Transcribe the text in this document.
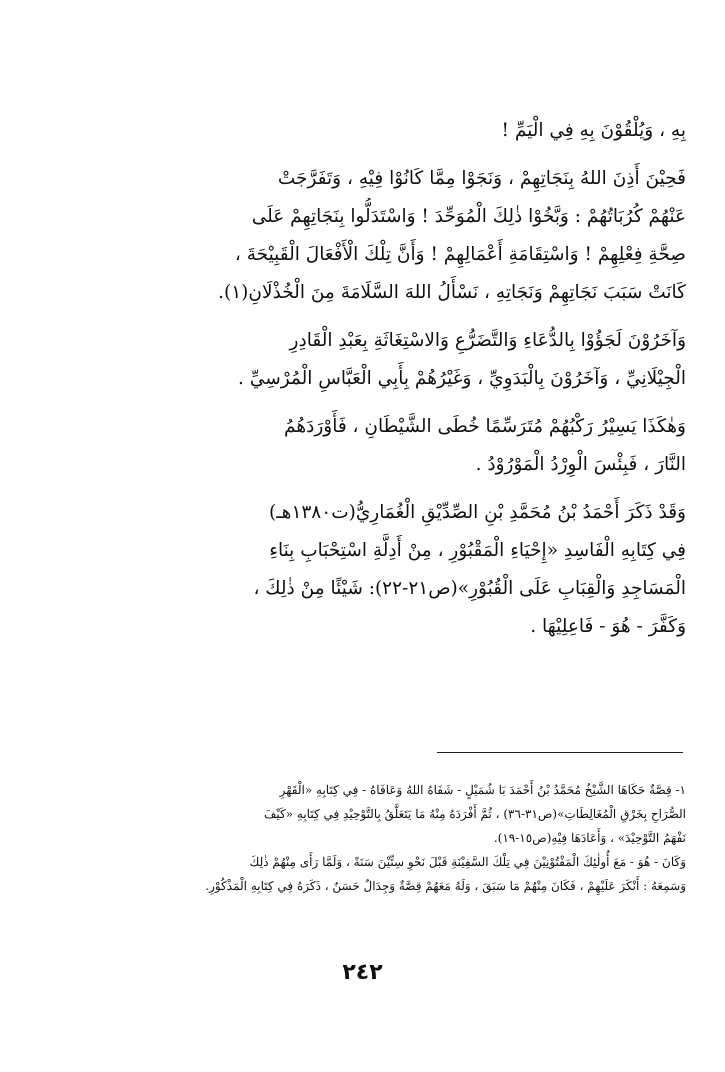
بِهِ ، وَيُلْقُوْنَ بِهِ فِي الْيَمِّ !
فَحِيْنَ أَذِنَ اللهُ بِنَجَاتِهِمْ ، وَنَجَوْا مِمَّا كَانُوْا فِيْهِ ، وَتَفَرَّجَتْ
عَنْهُمْ كُرُبَاتُهُمْ : وَبَّخُوْا ذٰلِكَ الْمُوَحِّدَ ! وَاسْتَدَلُّوا بِنَجَاتِهِمْ عَلَى
صِحَّةِ فِعْلِهِمْ ! وَاسْتِقَامَةِ أَعْمَالِهِمْ ! وَأَنَّ تِلْكَ الْأَفْعَالَ الْقَبِيْحَةَ ،
كَانَتْ سَبَبَ نَجَاتِهِمْ وَنَجَاتِهِ ، نَسْأَلُ اللهَ السَّلَامَةَ مِنَ الْخُذْلَانِ(١).
وَآخَرُوْنَ لَجَؤُوْا بِالدُّعَاءِ وَالتَّضَرُّعِ وَالاسْتِغَاثَةِ بِعَبْدِ الْقَادِرِ
الْجِيْلَانِيِّ ، وَآخَرُوْنَ بِالْبَدَوِيِّ ، وَغَيْرُهُمْ بِأَبِي الْعَبَّاسِ الْمُرْسِيِّ .
وَهٰكَذَا يَسِيْرُ رَكْبُهُمْ مُتَرَسِّمًا خُطَى الشَّيْطَانِ ، فَأَوْرَدَهُمُ
النَّارَ ، فَبِئْسَ الْوِرْدُ الْمَوْرُوْدُ .
وَقَدْ ذَكَرَ أَحْمَدُ بْنُ مُحَمَّدِ بْنِ الصِّدِّيْقِ الْغُمَارِيُّ(ت١٣٨٠هـ)
فِي كِتَابِهِ الْفَاسِدِ «إِحْيَاءِ الْمَقْبُوْرِ ، مِنْ أَدِلَّةِ اسْتِحْبَابِ بِنَاءِ
الْمَسَاجِدِ وَالْقِبَابِ عَلَى الْقُبُوْرِ»(ص٢١-٢٢): شَيْئًا مِنْ ذٰلِكَ ،
وَكَفَّرَ - هُوَ - فَاعِلِيْهَا .
١- قِصَّةٌ حَكَاهَا الشَّيْخُ مُحَمَّدُ بْنُ أَحْمَدَ بَا شُمَيْلٍ - شَفَاهُ اللهُ وَعَافَاهُ - فِي كِتَابِهِ «الْقَهْرِ
الصُّرَاحِ بِخَرْقِ الْمُغَالِطَاتِ»(ص٣١-٣٦) ، ثُمَّ أَفْرَدَهُ مِنْهُ مَا يَتَعَلَّقُ بِالتَّوْحِيْدِ فِي كِتَابِهِ «كَيْفَ
نَفْهَمُ التَّوْحِيْدَ» ، وَأَعَادَهَا فِيْهِ(ص١٥-١٩).
وَكَانَ - هُوَ - مَعَ أُولٰئِكَ الْمَفْتُوْنِيْنَ فِي تِلْكَ السَّفِيْنَةِ قَبْلَ نَحْوِ سِتِّيْنَ سَنَةً ، وَلَمَّا رَأَى مِنْهُمْ ذٰلِكَ
وَسَمِعَهُ : أَنْكَرَ عَلَيْهِمْ ، فَكَانَ مِنْهُمْ مَا سَبَقَ ، وَلَهُ مَعَهُمْ قِصَّةٌ وَجِدَالٌ حَسَنٌ ، ذَكَرَهُ فِي كِتَابِهِ الْمَذْكُوْرِ.
٢٤٢
